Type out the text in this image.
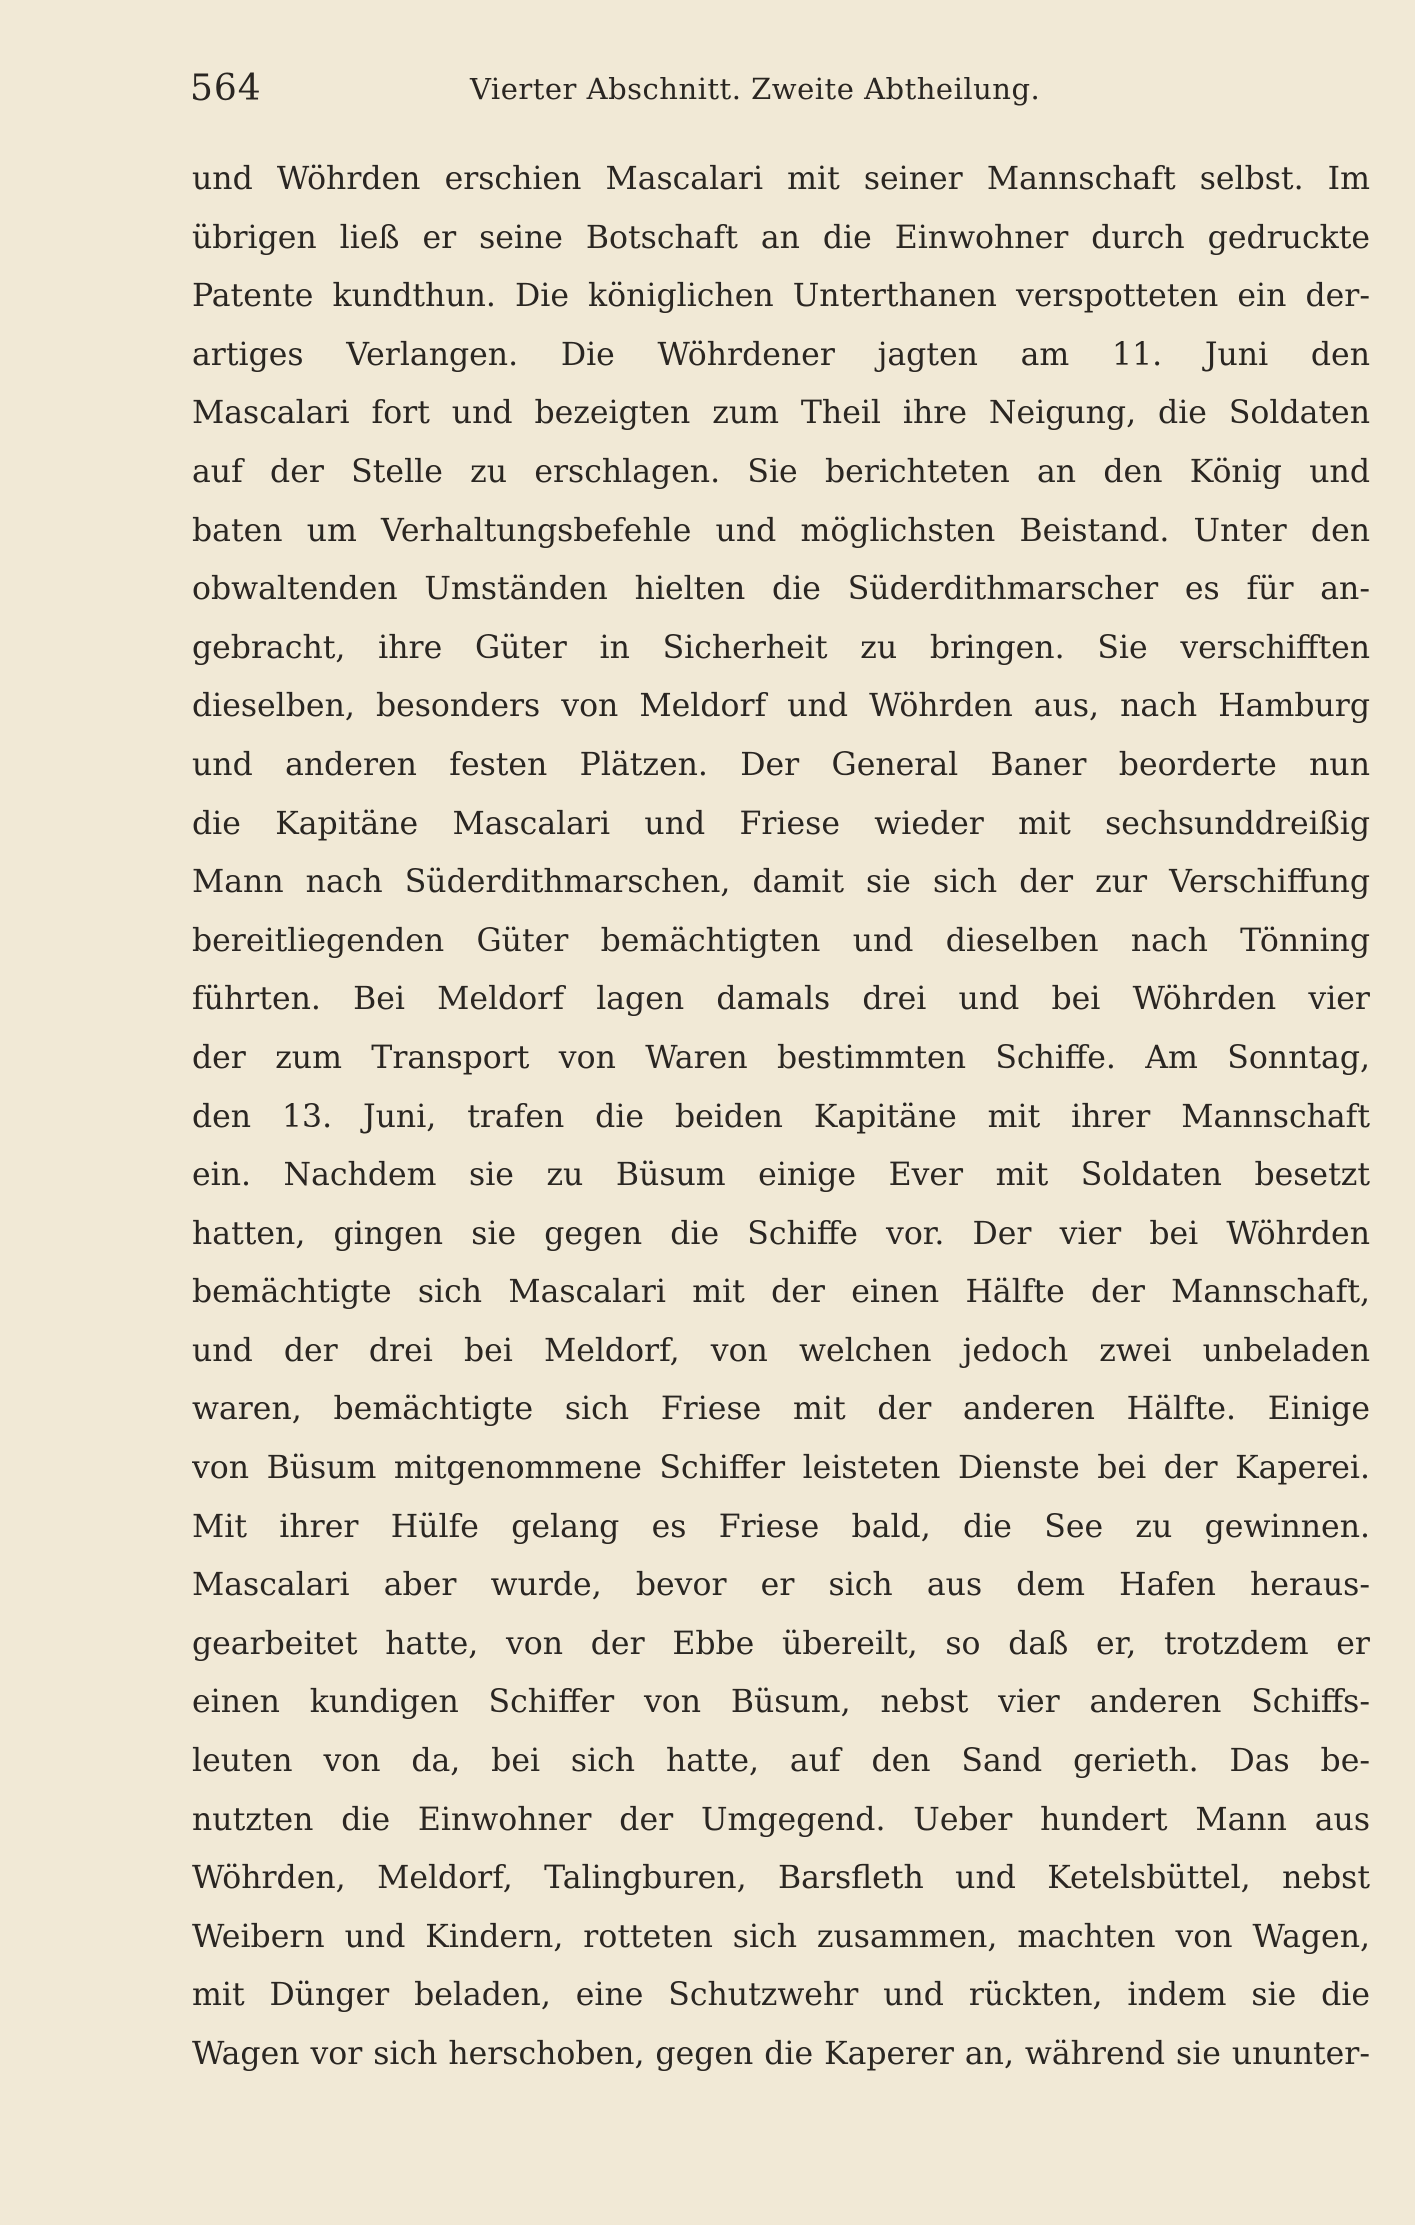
564	Vierter Abschnitt. Zweite Abtheilung.
und Wöhrden erschien Mascalari mit seiner Mannschaft selbst. Im
übrigen ließ er seine Botschaft an die Einwohner durch gedruckte
Patente kundthun. Die königlichen Unterthanen verspotteten ein der-
artiges Verlangen. Die Wöhrdener jagten am 11. Juni den
Mascalari fort und bezeigten zum Theil ihre Neigung, die Soldaten
auf der Stelle zu erschlagen. Sie berichteten an den König und
baten um Verhaltungsbefehle und möglichsten Beistand. Unter den
obwaltenden Umständen hielten die Süderdithmarscher es für an-
gebracht, ihre Güter in Sicherheit zu bringen. Sie verschifften
dieselben, besonders von Meldorf und Wöhrden aus, nach Hamburg
und anderen festen Plätzen. Der General Baner beorderte nun
die Kapitäne Mascalari und Friese wieder mit sechsunddreißig
Mann nach Süderdithmarschen, damit sie sich der zur Verschiffung
bereitliegenden Güter bemächtigten und dieselben nach Tönning
führten. Bei Meldorf lagen damals drei und bei Wöhrden vier
der zum Transport von Waren bestimmten Schiffe. Am Sonntag,
den 13. Juni, trafen die beiden Kapitäne mit ihrer Mannschaft
ein. Nachdem sie zu Büsum einige Ever mit Soldaten besetzt
hatten, gingen sie gegen die Schiffe vor. Der vier bei Wöhrden
bemächtigte sich Mascalari mit der einen Hälfte der Mannschaft,
und der drei bei Meldorf, von welchen jedoch zwei unbeladen
waren, bemächtigte sich Friese mit der anderen Hälfte. Einige
von Büsum mitgenommene Schiffer leisteten Dienste bei der Kaperei.
Mit ihrer Hülfe gelang es Friese bald, die See zu gewinnen.
Mascalari aber wurde, bevor er sich aus dem Hafen heraus-
gearbeitet hatte, von der Ebbe übereilt, so daß er, trotzdem er
einen kundigen Schiffer von Büsum, nebst vier anderen Schiffs-
leuten von da, bei sich hatte, auf den Sand gerieth. Das be-
nutzten die Einwohner der Umgegend. Ueber hundert Mann aus
Wöhrden, Meldorf, Talingburen, Barsfleth und Ketelsbüttel, nebst
Weibern und Kindern, rotteten sich zusammen, machten von Wagen,
mit Dünger beladen, eine Schutzwehr und rückten, indem sie die
Wagen vor sich herschoben, gegen die Kaperer an, während sie ununter-
